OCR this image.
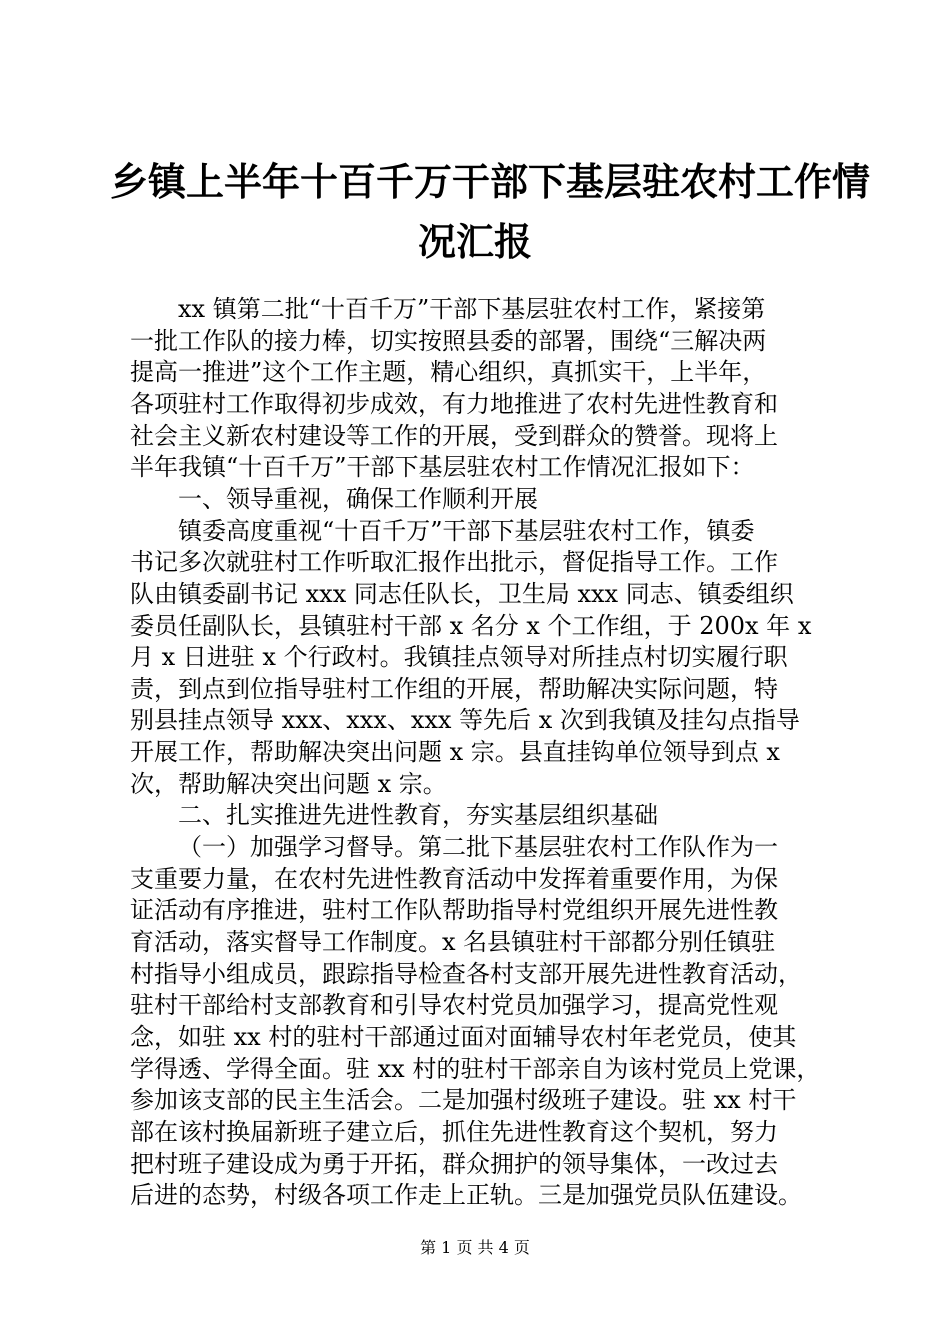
乡镇上半年十百千万干部下基层驻农村工作情
况汇报

xx 镇第二批“十百千万”干部下基层驻农村工作，紧接第

一批工作队的接力棒，切实按照县委的部署，围绕“三解决两

提高一推进”这个工作主题，精心组织，真抓实干，上半年，

各项驻村工作取得初步成效，有力地推进了农村先进性教育和

社会主义新农村建设等工作的开展，受到群众的赞誉。现将上

半年我镇“十百千万”干部下基层驻农村工作情况汇报如下：

一、领导重视，确保工作顺利开展

镇委高度重视“十百千万”干部下基层驻农村工作，镇委

书记多次就驻村工作听取汇报作出批示，督促指导工作。工作

队由镇委副书记 xxx 同志任队长，卫生局 xxx 同志、镇委组织

委员任副队长，县镇驻村干部 x 名分 x 个工作组，于 200x 年 x

月 x 日进驻 x 个行政村。我镇挂点领导对所挂点村切实履行职

责，到点到位指导驻村工作组的开展，帮助解决实际问题，特

别县挂点领导 xxx、xxx、xxx 等先后 x 次到我镇及挂勾点指导

开展工作，帮助解决突出问题 x 宗。县直挂钩单位领导到点 x

次，帮助解决突出问题 x 宗。

二、扎实推进先进性教育，夯实基层组织基础

（一）加强学习督导。第二批下基层驻农村工作队作为一

支重要力量，在农村先进性教育活动中发挥着重要作用，为保

证活动有序推进，驻村工作队帮助指导村党组织开展先进性教

育活动，落实督导工作制度。x 名县镇驻村干部都分别任镇驻

村指导小组成员，跟踪指导检查各村支部开展先进性教育活动，

驻村干部给村支部教育和引导农村党员加强学习，提高党性观

念，如驻 xx 村的驻村干部通过面对面辅导农村年老党员，使其

学得透、学得全面。驻 xx 村的驻村干部亲自为该村党员上党课，

参加该支部的民主生活会。二是加强村级班子建设。驻 xx 村干

部在该村换届新班子建立后，抓住先进性教育这个契机，努力

把村班子建设成为勇于开拓，群众拥护的领导集体，一改过去

后进的态势，村级各项工作走上正轨。三是加强党员队伍建设。

第 1 页 共 4 页
